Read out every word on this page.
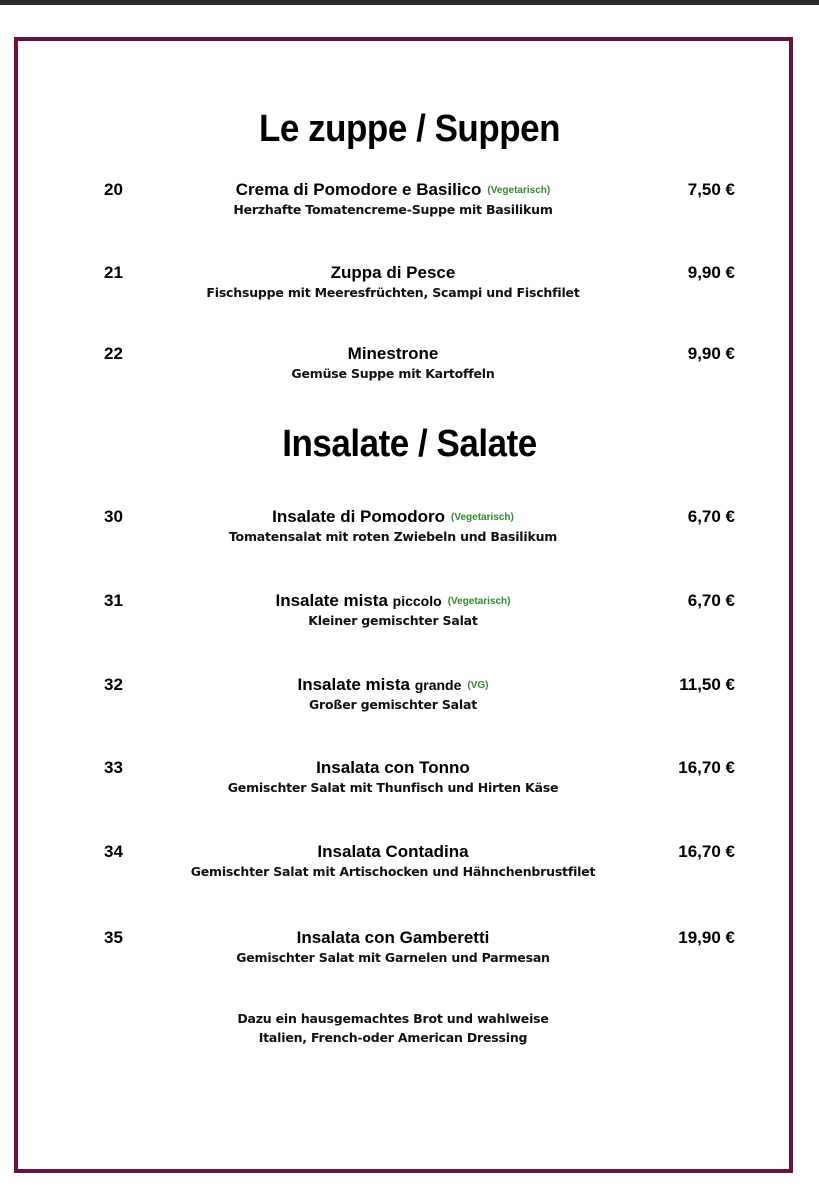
Le zuppe / Suppen
20	Crema di Pomodore e Basilico (Vegetarisch)	7,50 €
Herzhafte Tomatencreme-Suppe mit Basilikum
21	Zuppa di Pesce	9,90 €
Fischsuppe mit Meeresfrüchten, Scampi und Fischfilet
22	Minestrone	9,90 €
Gemüse Suppe mit Kartoffeln
Insalate / Salate
30	Insalate di Pomodoro (Vegetarisch)	6,70 €
Tomatensalat mit roten Zwiebeln und Basilikum
31	Insalate mista piccolo (Vegetarisch)	6,70 €
Kleiner gemischter Salat
32	Insalate mista grande (VG)	11,50 €
Großer gemischter Salat
33	Insalata con Tonno	16,70 €
Gemischter Salat mit Thunfisch und Hirten Käse
34	Insalata Contadina	16,70 €
Gemischter Salat mit Artischocken und Hähnchenbrustfilet
35	Insalata con Gamberetti	19,90 €
Gemischter Salat mit Garnelen und Parmesan
Dazu ein hausgemachtes Brot und wahlweise
Italien, French-oder American Dressing
